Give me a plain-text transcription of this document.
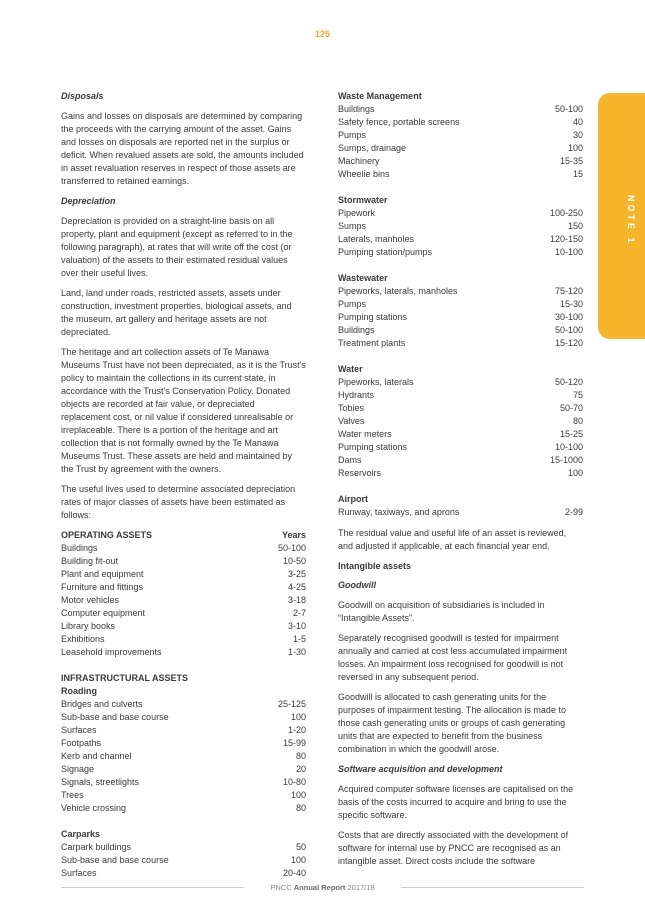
125
NOTE 1
Disposals

Gains and losses on disposals are determined by comparing the proceeds with the carrying amount of the asset. Gains and losses on disposals are reported net in the surplus or deficit. When revalued assets are sold, the amounts included in asset revaluation reserves in respect of those assets are transferred to retained earnings.

Depreciation

Depreciation is provided on a straight-line basis on all property, plant and equipment (except as referred to in the following paragraph), at rates that will write off the cost (or valuation) of the assets to their estimated residual values over their useful lives.

Land, land under roads, restricted assets, assets under construction, investment properties, biological assets, and the museum, art gallery and heritage assets are not depreciated.

The heritage and art collection assets of Te Manawa Museums Trust have not been depreciated, as it is the Trust's policy to maintain the collections in its current state, in accordance with the Trust's Conservation Policy. Donated objects are recorded at fair value, or depreciated replacement cost, or nil value if considered unrealisable or irreplaceable. There is a portion of the heritage and art collection that is not formally owned by the Te Manawa Museums Trust. These assets are held and maintained by the Trust by agreement with the owners.

The useful lives used to determine associated depreciation rates of major classes of assets have been estimated as follows:

OPERATING ASSETS	Years
Buildings	50-100
Building fit-out	10-50
Plant and equipment	3-25
Furniture and fittings	4-25
Motor vehicles	3-18
Computer equipment	2-7
Library books	3-10
Exhibitions	1-5
Leasehold improvements	1-30
INFRASTRUCTURAL ASSETS
Roading
Bridges and culverts	25-125
Sub-base and base course	100
Surfaces	1-20
Footpaths	15-99
Kerb and channel	80
Signage	20
Signals, streetlights	10-80
Trees	100
Vehicle crossing	80
Carparks
Carpark buildings	50
Sub-base and base course	100
Surfaces	20-40
Waste Management
Buildings	50-100
Safety fence, portable screens	40
Pumps	30
Sumps, drainage	100
Machinery	15-35
Wheelie bins	15
Stormwater
Pipework	100-250
Sumps	150
Laterals, manholes	120-150
Pumping station/pumps	10-100
Wastewater
Pipeworks, laterals, manholes	75-120
Pumps	15-30
Pumping stations	30-100
Buildings	50-100
Treatment plants	15-120
Water
Pipeworks, laterals	50-120
Hydrants	75
Tobies	50-70
Valves	80
Water meters	15-25
Pumping stations	10-100
Dams	15-1000
Reservoirs	100
Airport
Runway, taxiways, and aprons	2-99

The residual value and useful life of an asset is reviewed, and adjusted if applicable, at each financial year end.

Intangible assets
Goodwill

Goodwill on acquisition of subsidiaries is included in “Intangible Assets”.

Separately recognised goodwill is tested for impairment annually and carried at cost less accumulated impairment losses. An impairment loss recognised for goodwill is not reversed in any subsequent period.

Goodwill is allocated to cash generating units for the purposes of impairment testing. The allocation is made to those cash generating units or groups of cash generating units that are expected to benefit from the business combination in which the goodwill arose.

Software acquisition and development

Acquired computer software licenses are capitalised on the basis of the costs incurred to acquire and bring to use the specific software.

Costs that are directly associated with the development of software for internal use by PNCC are recognised as an intangible asset. Direct costs include the software

PNCC Annual Report 2017/18
